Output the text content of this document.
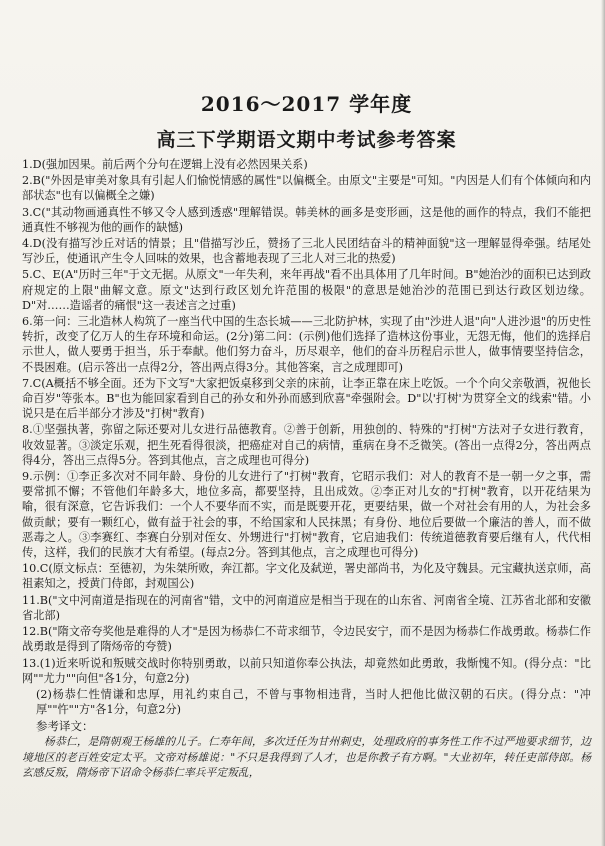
2016～2017 学年度
高三下学期语文期中考试参考答案

1.D(强加因果。前后两个分句在逻辑上没有必然因果关系)

2.B("外因是审美对象具有引起人们愉悦情感的属性"以偏概全。由原文"主要是"可知。"内因是人们有个体倾向和内部状态"也有以偏概全之嫌)

3.C("其动物画通真性不够又令人感到透惑"理解错误。韩美林的画多是变形画，这是他的画作的特点，我们不能把通真性不够视为他的画作的缺憾)

4.D(没有描写沙丘对话的情景；且"借描写沙丘，赞扬了三北人民团结奋斗的精神面貌"这一理解显得牵强。结尾处写沙丘，使通讯产生令人回味的效果，也含蓄地表现了三北人对三北的热爱)

5.C、E(A"历时三年"于文无据。从原文"一年失利，来年再战"看不出具体用了几年时间。B"她治沙的面积已达到政府规定的上限"曲解文意。原文"达到行政区划允许范围的极限"的意思是她治沙的范围已到达行政区划边缘。D"对……造谣者的痛恨"这一表述言之过重)

6.第一问：三北造林人构筑了一座当代中国的生态长城——三北防护林，实现了由"沙进人退"向"人进沙退"的历史性转折，改变了亿万人的生存环境和命运。(2分)第二问：(示例)他们选择了造林这份事业，无怨无悔，他们的选择启示世人，做人要勇于担当，乐于奉献。他们努力奋斗，历尽艰辛，他们的奋斗历程启示世人，做事情要坚持信念，不畏困难。(启示答出一点得2分，答出两点得3分。其他答案，言之成理即可)

7.C(A概括不够全面。还为下文写"大家把饭桌移到父亲的床前，让李正靠在床上吃饭。一个个向父亲敬酒，祝他长命百岁"等张本。B"也为能回家看到自己的孙女和外孙而感到欣喜"牵强附会。D"以'打树'为贯穿全文的线索"错。小说只是在后半部分才涉及"打树"教育)

8.①坚强执著，弥留之际还要对儿女进行品德教育。②善于创新，用独创的、特殊的"打树"方法对子女进行教育，收效显著。③淡定乐观，把生死看得很淡，把癌症对自己的病情，重病在身不乏微笑。(答出一点得2分，答出两点得4分，答出三点得5分。答到其他点，言之成理也可得分)

9.示例：①李正多次对不同年龄、身份的儿女进行了"打树"教育，它昭示我们：对人的教育不是一朝一夕之事，需要常抓不懈；不管他们年龄多大，地位多高，都要坚持，且出成效。②李正对儿女的"打树"教育，以开花结果为喻，很有深意，它告诉我们：一个人不要华而不实，而是既要开花，更要结果，做一个对社会有用的人，为社会多做贡献；要有一颗红心，做有益于社会的事，不给国家和人民抹黑；有身份、地位后要做一个廉洁的善人，而不做恶毒之人。③李赛红、李赛白分别对侄女、外甥进行"打树"教育，它启迪我们：传统道德教育要后继有人，代代相传，这样，我们的民族才大有希望。(每点2分。答到其他点，言之成理也可得分)

10.C(原文标点：至德初，为朱桀所败，奔江都。字文化及弑逆，署史部尚书，为化及守魏县。元宝藏执送京师，高祖素知之，授黄门侍郎，封观国公)

11.B("文中河南道是指现在的河南省"错，文中的河南道应是相当于现在的山东省、河南省全境、江苏省北部和安徽省北部)

12.B("隋文帝夸奖他是难得的人才"是因为杨恭仁不苛求细节，令边民安宁，而不是因为杨恭仁作战勇敢。杨恭仁作战勇敢是得到了隋炀帝的夸赞)

13.(1)近来听说和叛贼交战时你特别勇敢，以前只知道你奉公执法，却竟然如此勇敢，我惭愧不知。(得分点："比网""尤力""向但"各1分，句意2分)

(2)杨恭仁性情谦和忠厚，用礼约束自己，不曾与事物相违背，当时人把他比做汉朝的石庆。(得分点："冲厚""忤""方"各1分，句意2分)

参考译文：
杨恭仁，是隋朝观王杨雄的儿子。仁寿年间，多次迁任为甘州刺史，处理政府的事务性工作不过严地要求细节，边境地区的老百姓安定太平。文帝对杨雄说："不只是我得到了人才，也是你教子有方啊。"大业初年，转任吏部侍郎。杨玄感反叛，隋炀帝下诏命令杨恭仁率兵平定叛乱，
